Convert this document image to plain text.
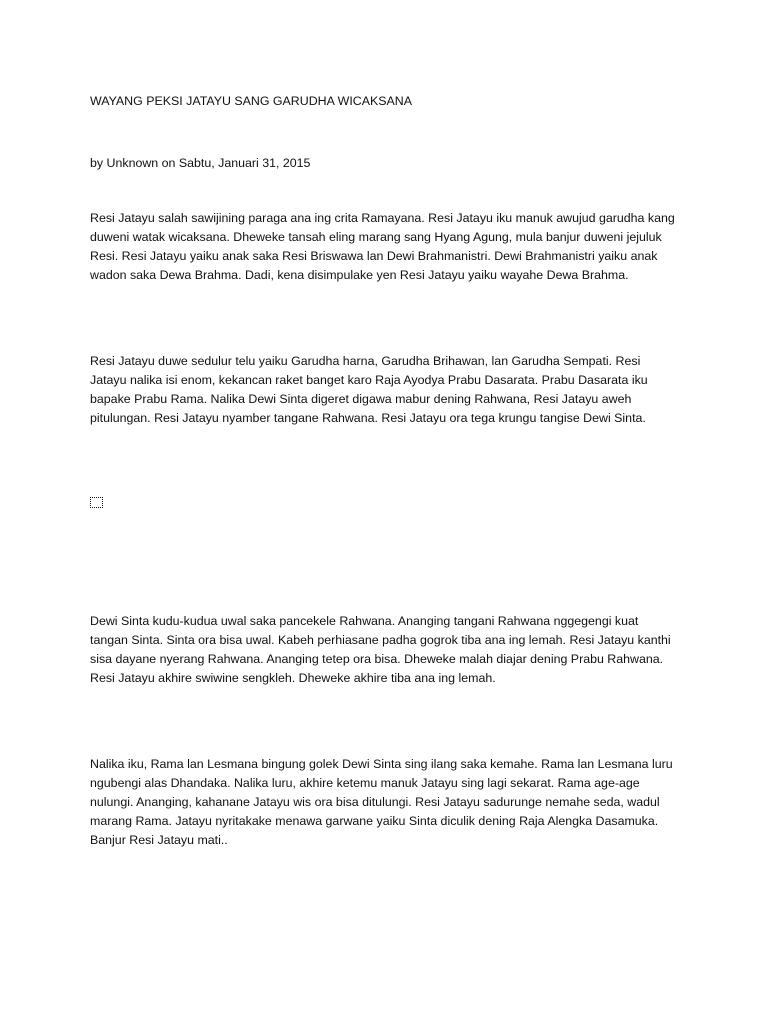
WAYANG PEKSI JATAYU SANG GARUDHA WICAKSANA
by Unknown on Sabtu, Januari 31, 2015
Resi Jatayu salah sawijining paraga ana ing crita Ramayana. Resi Jatayu iku manuk awujud garudha kang
duweni watak wicaksana. Dheweke tansah eling marang sang Hyang Agung, mula banjur duweni jejuluk
Resi. Resi Jatayu yaiku anak saka Resi Briswawa lan Dewi Brahmanistri. Dewi Brahmanistri yaiku anak
wadon saka Dewa Brahma. Dadi, kena disimpulake yen Resi Jatayu yaiku wayahe Dewa Brahma.
Resi Jatayu duwe sedulur telu yaiku Garudha harna, Garudha Brihawan, lan Garudha Sempati. Resi
Jatayu nalika isi enom, kekancan raket banget karo Raja Ayodya Prabu Dasarata. Prabu Dasarata iku
bapake Prabu Rama. Nalika Dewi Sinta digeret digawa mabur dening Rahwana, Resi Jatayu aweh
pitulungan. Resi Jatayu nyamber tangane Rahwana. Resi Jatayu ora tega krungu tangise Dewi Sinta.
Dewi Sinta kudu-kudua uwal saka pancekele Rahwana. Ananging tangani Rahwana nggegengi kuat
tangan Sinta. Sinta ora bisa uwal. Kabeh perhiasane padha gogrok tiba ana ing lemah. Resi Jatayu kanthi
sisa dayane nyerang Rahwana. Ananging tetep ora bisa. Dheweke malah diajar dening Prabu Rahwana.
Resi Jatayu akhire swiwine sengkleh. Dheweke akhire tiba ana ing lemah.
Nalika iku, Rama lan Lesmana bingung golek Dewi Sinta sing ilang saka kemahe. Rama lan Lesmana luru
ngubengi alas Dhandaka. Nalika luru, akhire ketemu manuk Jatayu sing lagi sekarat. Rama age-age
nulungi. Ananging, kahanane Jatayu wis ora bisa ditulungi. Resi Jatayu sadurunge nemahe seda, wadul
marang Rama. Jatayu nyritakake menawa garwane yaiku Sinta diculik dening Raja Alengka Dasamuka.
Banjur Resi Jatayu mati..
